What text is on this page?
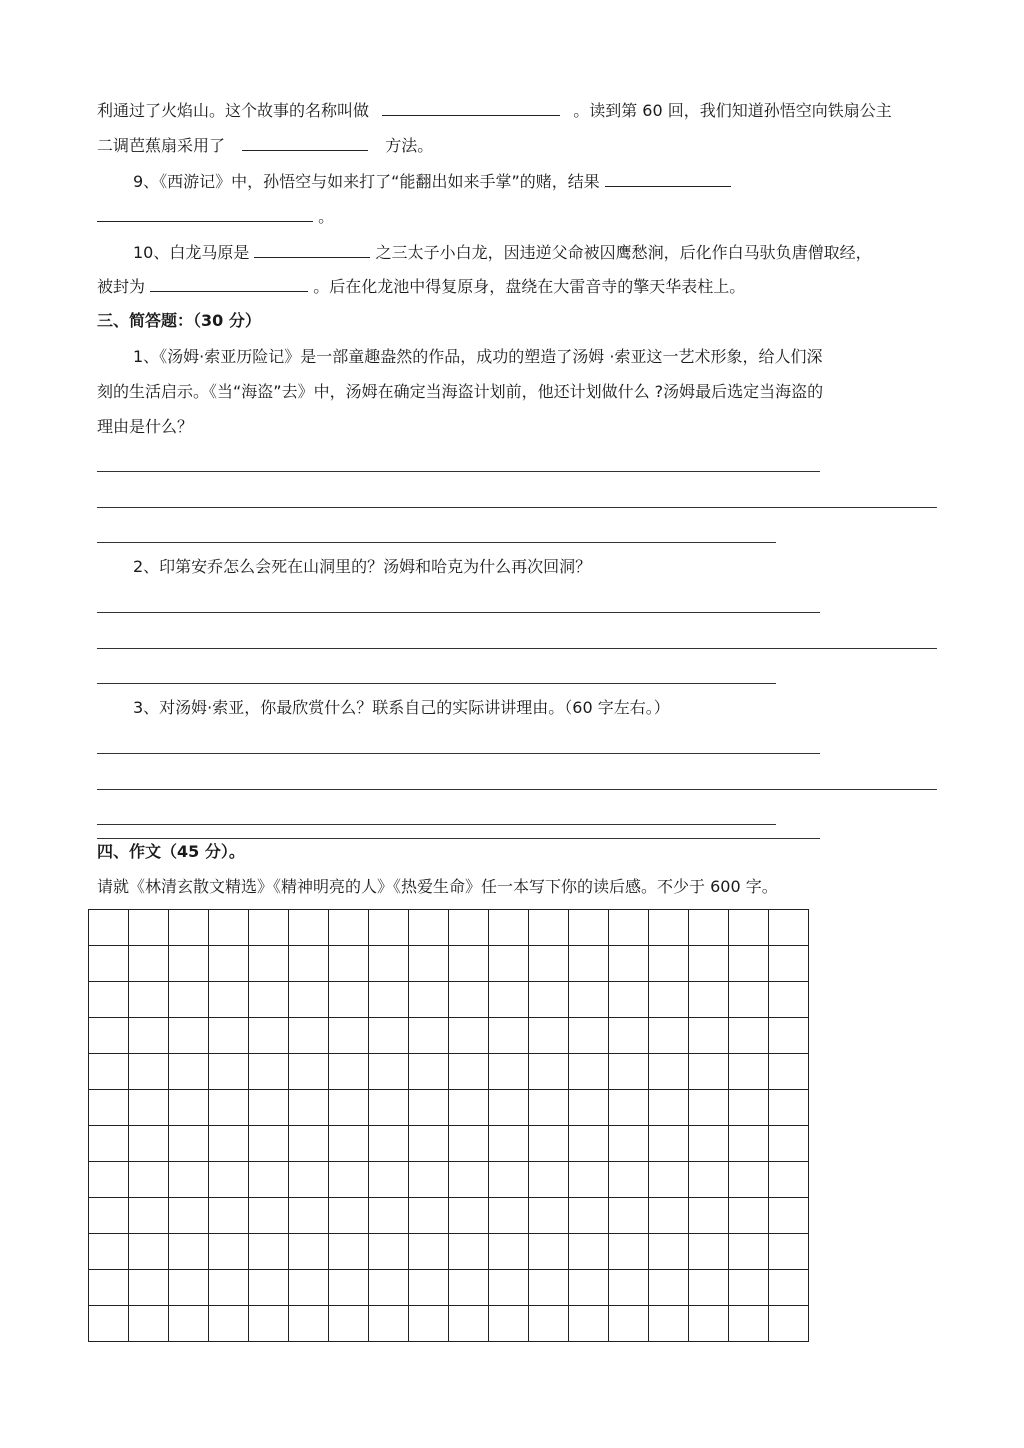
利通过了火焰山。这个故事的名称叫做	。读到第 60 回，我们知道孙悟空向铁扇公主
二调芭蕉扇采用了	方法。
9、《西游记》中，孙悟空与如来打了“能翻出如来手掌”的赌，结果
。
10、白龙马原是	之三太子小白龙，因违逆父命被囚鹰愁涧，后化作白马驮负唐僧取经，
被封为	。后在化龙池中得复原身，盘绕在大雷音寺的擎天华表柱上。
三、简答题：（30 分）
1、《汤姆·索亚历险记》是一部童趣盎然的作品，成功的塑造了汤姆 ·索亚这一艺术形象，给人们深
刻的生活启示。《当“海盗”去》中，汤姆在确定当海盗计划前，他还计划做什么 ?汤姆最后选定当海盗的
理由是什么？
2、印第安乔怎么会死在山洞里的？汤姆和哈克为什么再次回洞？
3、对汤姆·索亚，你最欣赏什么？联系自己的实际讲讲理由。（60 字左右。）
四、作文（45 分）。
请就《林清玄散文精选》《精神明亮的人》《热爱生命》任一本写下你的读后感。不少于 600 字。
